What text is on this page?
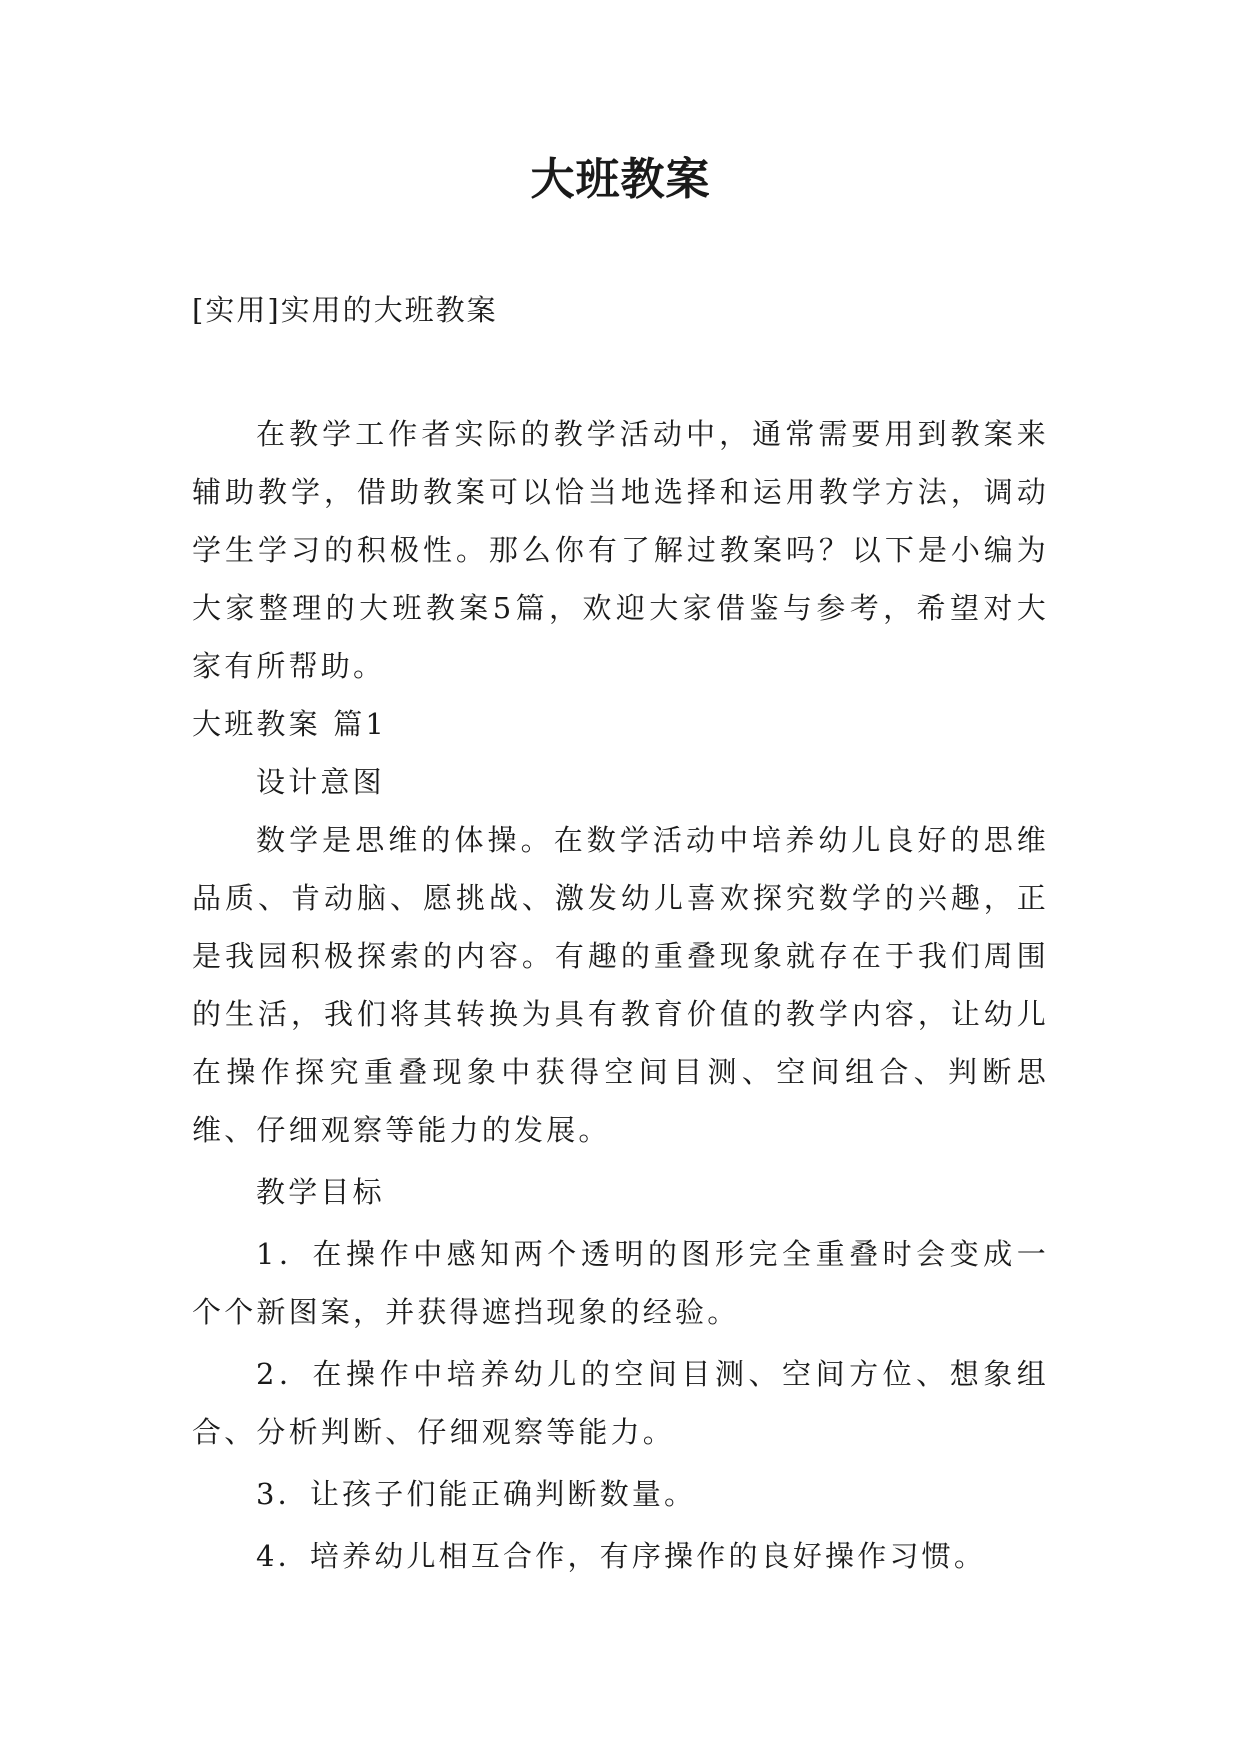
大班教案
[实用]实用的大班教案

在教学工作者实际的教学活动中，通常需要用到教案来辅助教学，借助教案可以恰当地选择和运用教学方法，调动学生学习的积极性。那么你有了解过教案吗？以下是小编为大家整理的大班教案5篇，欢迎大家借鉴与参考，希望对大家有所帮助。

大班教案 篇1

设计意图

数学是思维的体操。在数学活动中培养幼儿良好的思维品质、肯动脑、愿挑战、激发幼儿喜欢探究数学的兴趣，正是我园积极探索的内容。有趣的重叠现象就存在于我们周围的生活，我们将其转换为具有教育价值的教学内容，让幼儿在操作探究重叠现象中获得空间目测、空间组合、判断思维、仔细观察等能力的发展。

教学目标

1．在操作中感知两个透明的图形完全重叠时会变成一个个新图案，并获得遮挡现象的经验。

2．在操作中培养幼儿的空间目测、空间方位、想象组合、分析判断、仔细观察等能力。

3．让孩子们能正确判断数量。

4．培养幼儿相互合作，有序操作的良好操作习惯。
